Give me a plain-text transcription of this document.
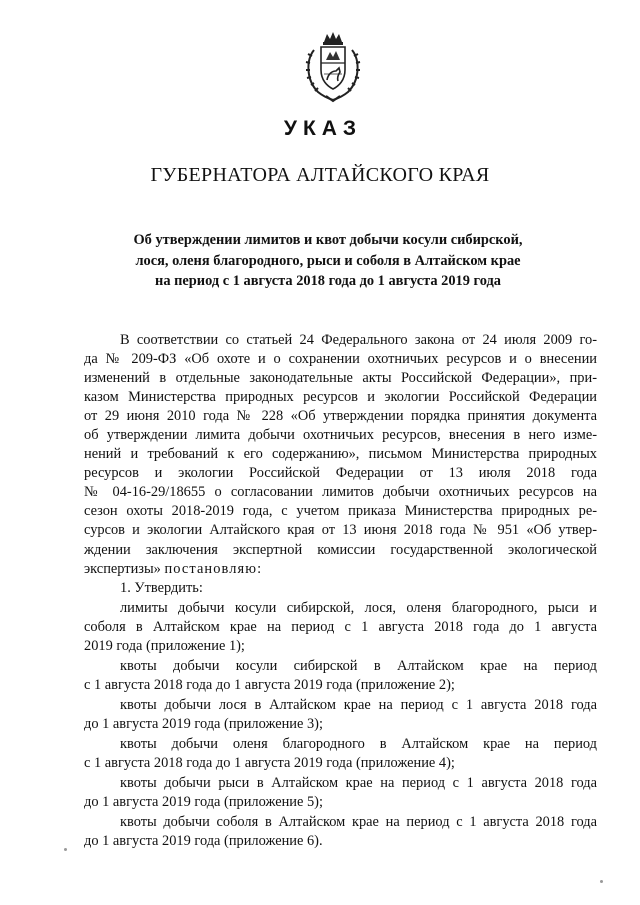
УКАЗ
ГУБЕРНАТОРА АЛТАЙСКОГО КРАЯ
Об утверждении лимитов и квот добычи косули сибирской,
лося, оленя благородного, рыси и соболя в Алтайском крае
на период с 1 августа 2018 года до 1 августа 2019 года

В соответствии со статьей 24 Федерального закона от 24 июля 2009 го-

да № 209-ФЗ «Об охоте и о сохранении охотничьих ресурсов и о внесении

изменений в отдельные законодательные акты Российской Федерации», при-

казом Министерства природных ресурсов и экологии Российской Федерации

от 29 июня 2010 года № 228 «Об утверждении порядка принятия документа

об утверждении лимита добычи охотничьих ресурсов, внесения в него изме-

нений и требований к его содержанию», письмом Министерства природных

ресурсов и экологии Российской Федерации от 13 июля 2018 года

№ 04-16-29/18655 о согласовании лимитов добычи охотничьих ресурсов на

сезон охоты 2018-2019 года, с учетом приказа Министерства природных ре-

сурсов и экологии Алтайского края от 13 июня 2018 года № 951 «Об утвер-

ждении заключения экспертной комиссии государственной экологической

экспертизы» постановляю:

1. Утвердить:

лимиты добычи косули сибирской, лося, оленя благородного, рыси и

соболя в Алтайском крае на период с 1 августа 2018 года до 1 августа

2019 года (приложение 1);

квоты добычи косули сибирской в Алтайском крае на период

с 1 августа 2018 года до 1 августа 2019 года (приложение 2);

квоты добычи лося в Алтайском крае на период с 1 августа 2018 года

до 1 августа 2019 года (приложение 3);

квоты добычи оленя благородного в Алтайском крае на период

с 1 августа 2018 года до 1 августа 2019 года (приложение 4);

квоты добычи рыси в Алтайском крае на период с 1 августа 2018 года

до 1 августа 2019 года (приложение 5);

квоты добычи соболя в Алтайском крае на период с 1 августа 2018 года

до 1 августа 2019 года (приложение 6).
